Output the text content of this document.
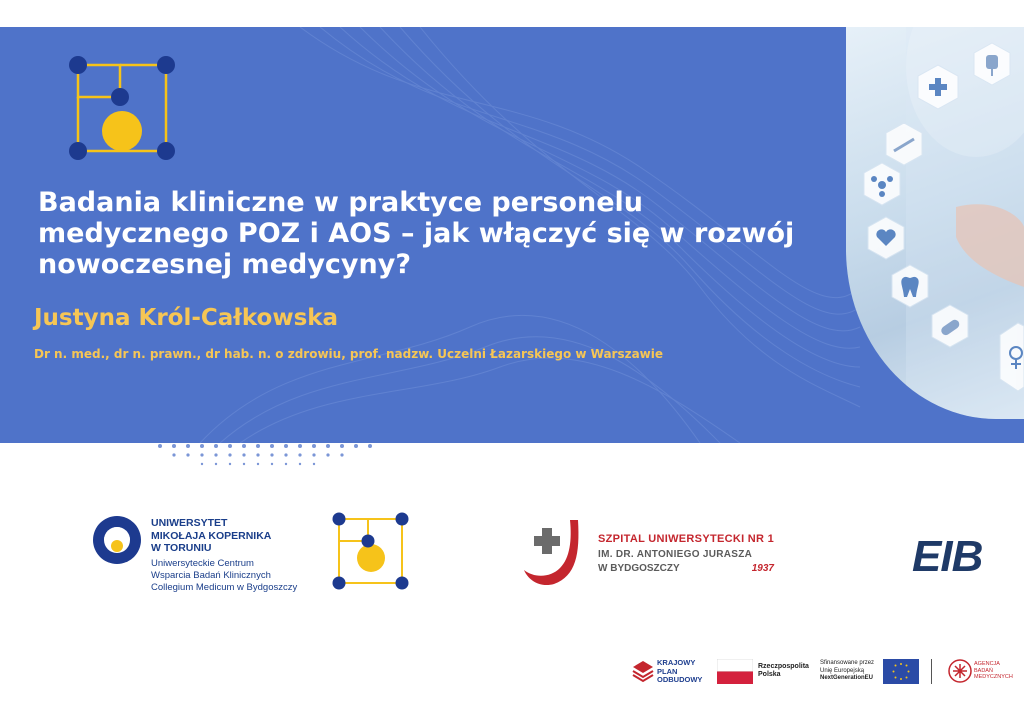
Badania kliniczne w praktyce personelu medycznego POZ i AOS – jak włączyć się w rozwój nowoczesnej medycyny?

Justyna Król-Całkowska

Dr n. med., dr n. prawn., dr hab. n. o zdrowiu, prof. nadzw. Uczelni Łazarskiego w Warszawie

UNIWERSYTET
MIKOŁAJA KOPERNIKA
W TORUNIU
Uniwersyteckie Centrum
Wsparcia Badań Klinicznych
Collegium Medicum w Bydgoszczy
SZPITAL UNIWERSYTECKI NR 1
IM. DR. ANTONIEGO JURASZA
W BYDGOSZCZY	1937	EIB
KRAJOWY
PLAN
ODBUDOWY
Rzeczpospolita
Polska
Sfinansowane przez
Unię Europejską
NextGenerationEU
AGENCJA
BADAŃ
MEDYCZNYCH
